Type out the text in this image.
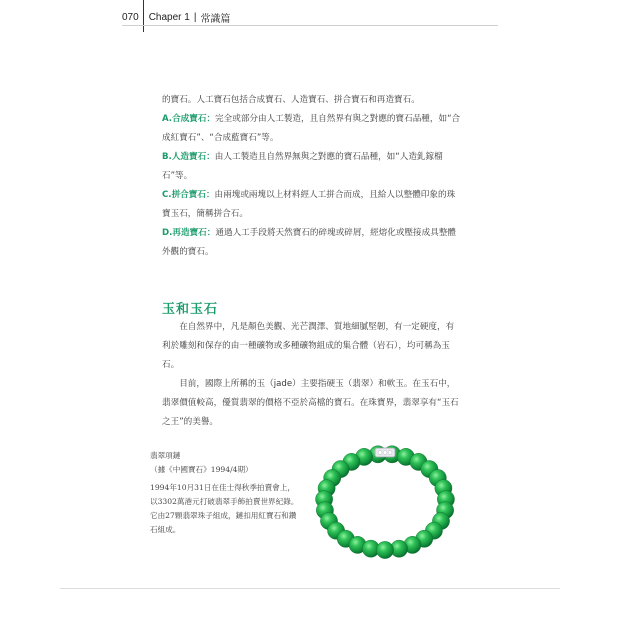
070	Chaper 1 | 常識篇
的寶石。人工寶石包括合成寶石、人造寶石、拼合寶石和再造寶石。
A.合成寶石：完全或部分由人工製造，且自然界有與之對應的寶石品種，如“合成紅寶石”、“合成藍寶石”等。
B.人造寶石：由人工製造且自然界無與之對應的寶石品種，如“人造釓鎵榴石”等。
C.拼合寶石：由兩塊或兩塊以上材料經人工拼合而成，且給人以整體印象的珠寶玉石，簡稱拼合石。
D.再造寶石：通過人工手段將天然寶石的碎塊或碎屑，經熔化或壓接成具整體外觀的寶石。
玉和玉石
在自然界中，凡是顏色美觀、光芒潤澤、質地細膩堅韌，有一定硬度，有利於雕刻和保存的由一種礦物或多種礦物組成的集合體（岩石），均可稱為玉石。
目前，國際上所稱的玉（jade）主要指硬玉（翡翠）和軟玉。在玉石中，翡翠價值較高，優質翡翠的價格不亞於高檔的寶石。在珠寶界，翡翠享有“玉石之王”的美譽。
翡翠項鏈
（據《中國寶石》1994/4期）
1994年10月31日在佳士得秋季拍賣會上，以3302萬港元打破翡翠手飾拍賣世界紀錄。它由27顆翡翠珠子組成，鏈扣用紅寶石和鑽石組成。
